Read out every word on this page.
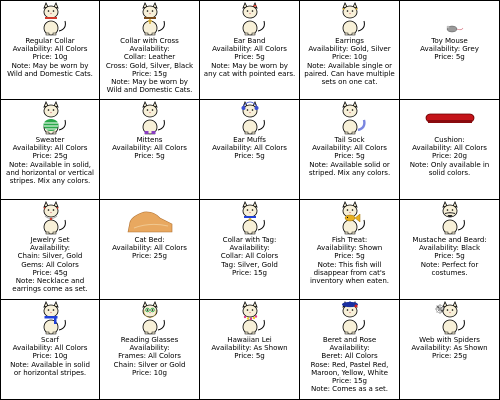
Regular Collar
Availability: All Colors
Price: 10g
Note: May be worn by
Wild and Domestic Cats.
Collar with Cross
Availability:
Collar: Leather
Cross: Gold, Silver, Black
Price: 15g
Note: May be worn by
Wild and Domestic Cats.
Ear Band
Availability: All Colors
Price: 5g
Note: May be worn by
any cat with pointed ears.
Earrings
Availability: Gold, Silver
Price: 10g
Note: Available single or
paired. Can have multiple
sets on one cat.
Toy Mouse
Availability: Grey
Price: 5g
Sweater
Availability: All Colors
Price: 25g
Note: Available in solid,
and horizontal or vertical
stripes. Mix any colors.
Mittens
Availability: All Colors
Price: 5g
Ear Muffs
Availability: All Colors
Price: 5g
Tail Sock
Availability: All Colors
Price: 5g
Note: Available solid or
striped. Mix any colors.
Cushion:
Availability: All Colors
Price: 20g
Note: Only available in
solid colors.
Jewelry Set
Availability:
Chain: Silver, Gold
Gems: All Colors
Price: 45g
Note: Necklace and
earrings come as set.
Cat Bed:
Availability: All Colors
Price: 25g
Collar with Tag:
Availability:
Collar: All Colors
Tag: Silver, Gold
Price: 15g
Fish Treat:
Availability: Shown
Price: 5g
Note: This fish will
disappear from cat's
inventory when eaten.
Mustache and Beard:
Availability: Black
Price: 5g
Note: Perfect for
costumes.
Scarf
Availability: All Colors
Price: 10g
Note: Available in solid
or horizontal stripes.
Reading Glasses
Availability:
Frames: All Colors
Chain: Silver or Gold
Price: 10g
Hawaiian Lei
Availability: As Shown
Price: 5g
Beret and Rose
Availability:
Beret: All Colors
Rose: Red, Pastel Red,
Maroon, Yellow, White
Price: 15g
Note: Comes as a set.
Web with Spiders
Availability: As Shown
Price: 25g
